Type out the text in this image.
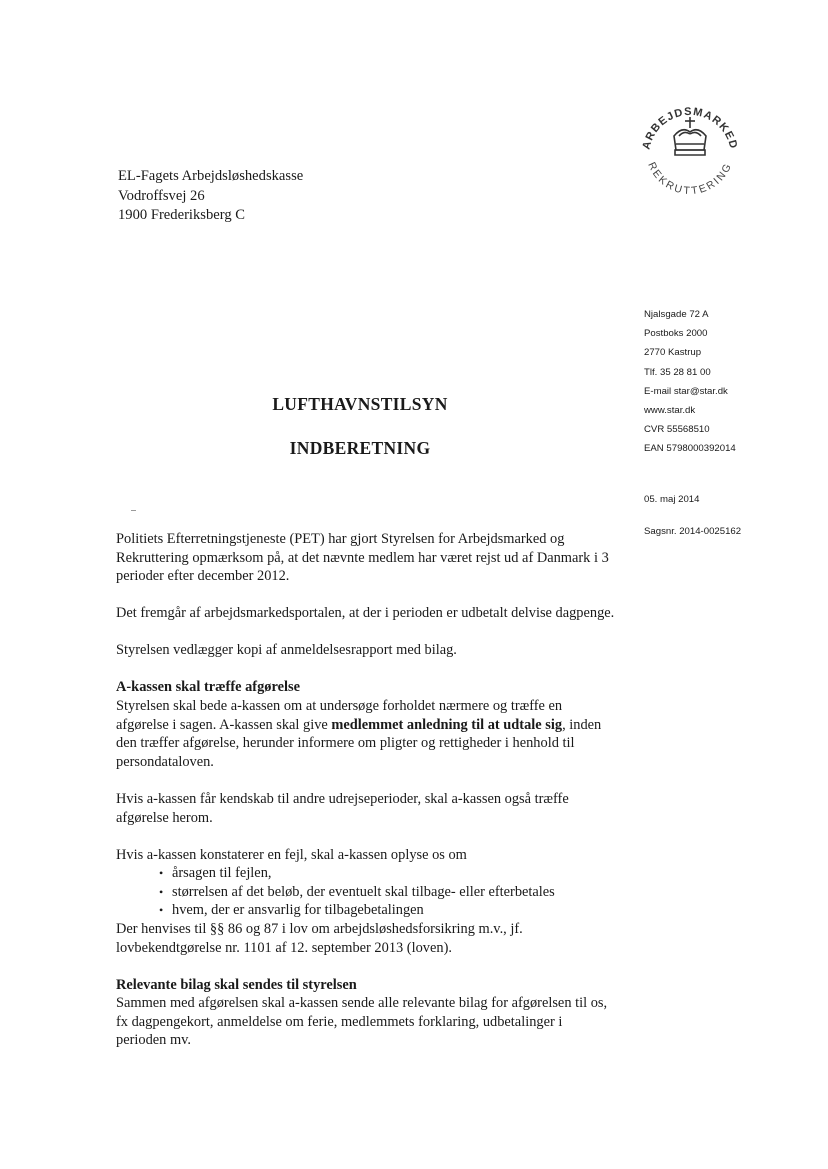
ARBEJDSMARKED
REKRUTTERING
EL-Fagets Arbejdsløshedskasse
Vodroffsvej 26
1900 Frederiksberg C
Njalsgade 72 A
Postboks 2000
2770 Kastrup
Tlf. 35 28 81 00
E-mail star@star.dk
www.star.dk
CVR 55568510
EAN 5798000392014
05. maj 2014
Sagsnr. 2014-0025162
LUFTHAVNSTILSYN
INDBERETNING

Politiets Efterretningstjeneste (PET) har gjort Styrelsen for Arbejdsmarked og Rekruttering opmærksom på, at det nævnte medlem har været rejst ud af Danmark i 3 perioder efter december 2012.

Det fremgår af arbejdsmarkedsportalen, at der i perioden er udbetalt delvise dagpenge.

Styrelsen vedlægger kopi af anmeldelsesrapport med bilag.

A-kassen skal træffe afgørelse

Styrelsen skal bede a-kassen om at undersøge forholdet nærmere og træffe en afgørelse i sagen. A-kassen skal give medlemmet anledning til at udtale sig, inden den træffer afgørelse, herunder informere om pligter og rettigheder i henhold til persondataloven.

Hvis a-kassen får kendskab til andre udrejseperioder, skal a-kassen også træffe afgørelse herom.

Hvis a-kassen konstaterer en fejl, skal a-kassen oplyse os om

• årsagen til fejlen,
• størrelsen af det beløb, der eventuelt skal tilbage- eller efterbetales
• hvem, der er ansvarlig for tilbagebetalingen

Der henvises til §§ 86 og 87 i lov om arbejdsløshedsforsikring m.v., jf. lovbekendtgørelse nr. 1101 af 12. september 2013 (loven).

Relevante bilag skal sendes til styrelsen

Sammen med afgørelsen skal a-kassen sende alle relevante bilag for afgørelsen til os, fx dagpengekort, anmeldelse om ferie, medlemmets forklaring, udbetalinger i perioden mv.
